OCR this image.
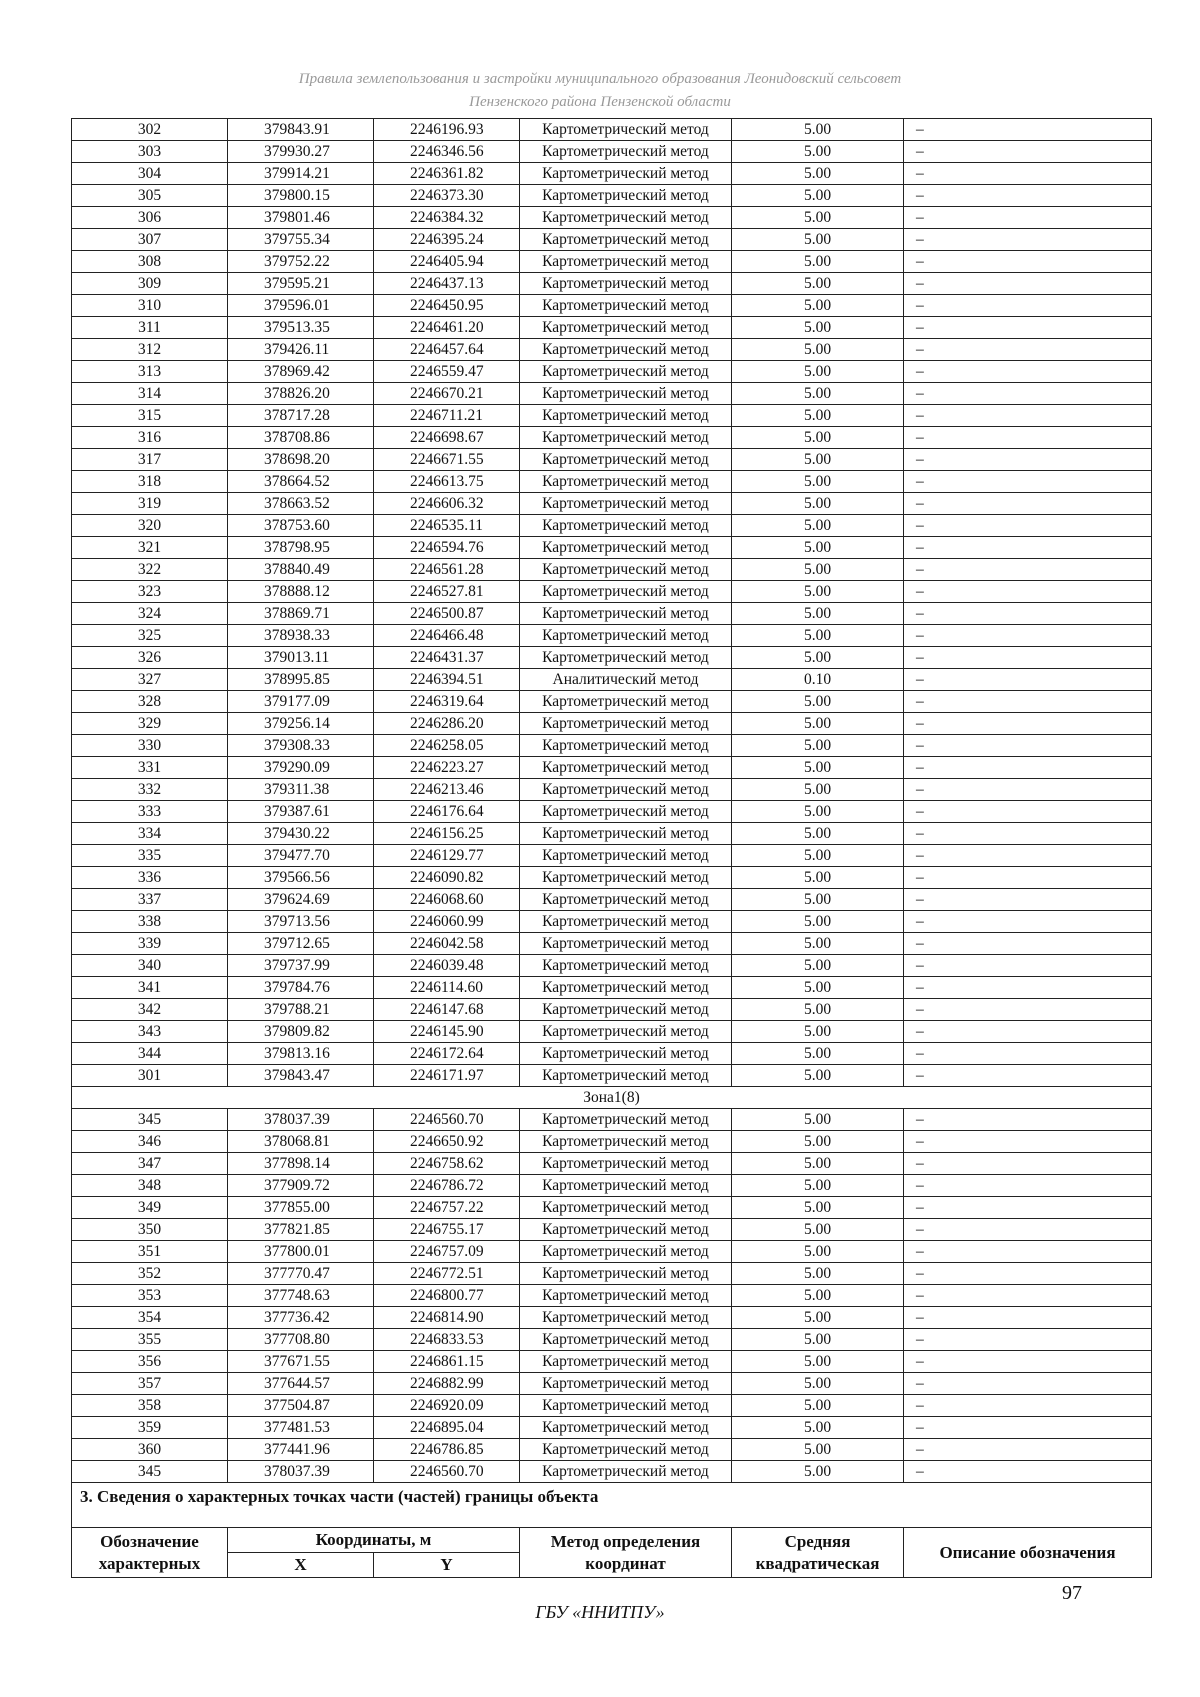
Правила землепользования и застройки муниципального образования Леонидовский сельсовет
Пензенского района Пензенской области
302	379843.91	2246196.93	Картометрический метод	5.00	–
303	379930.27	2246346.56	Картометрический метод	5.00	–
304	379914.21	2246361.82	Картометрический метод	5.00	–
305	379800.15	2246373.30	Картометрический метод	5.00	–
306	379801.46	2246384.32	Картометрический метод	5.00	–
307	379755.34	2246395.24	Картометрический метод	5.00	–
308	379752.22	2246405.94	Картометрический метод	5.00	–
309	379595.21	2246437.13	Картометрический метод	5.00	–
310	379596.01	2246450.95	Картометрический метод	5.00	–
311	379513.35	2246461.20	Картометрический метод	5.00	–
312	379426.11	2246457.64	Картометрический метод	5.00	–
313	378969.42	2246559.47	Картометрический метод	5.00	–
314	378826.20	2246670.21	Картометрический метод	5.00	–
315	378717.28	2246711.21	Картометрический метод	5.00	–
316	378708.86	2246698.67	Картометрический метод	5.00	–
317	378698.20	2246671.55	Картометрический метод	5.00	–
318	378664.52	2246613.75	Картометрический метод	5.00	–
319	378663.52	2246606.32	Картометрический метод	5.00	–
320	378753.60	2246535.11	Картометрический метод	5.00	–
321	378798.95	2246594.76	Картометрический метод	5.00	–
322	378840.49	2246561.28	Картометрический метод	5.00	–
323	378888.12	2246527.81	Картометрический метод	5.00	–
324	378869.71	2246500.87	Картометрический метод	5.00	–
325	378938.33	2246466.48	Картометрический метод	5.00	–
326	379013.11	2246431.37	Картометрический метод	5.00	–
327	378995.85	2246394.51	Аналитический метод	0.10	–
328	379177.09	2246319.64	Картометрический метод	5.00	–
329	379256.14	2246286.20	Картометрический метод	5.00	–
330	379308.33	2246258.05	Картометрический метод	5.00	–
331	379290.09	2246223.27	Картометрический метод	5.00	–
332	379311.38	2246213.46	Картометрический метод	5.00	–
333	379387.61	2246176.64	Картометрический метод	5.00	–
334	379430.22	2246156.25	Картометрический метод	5.00	–
335	379477.70	2246129.77	Картометрический метод	5.00	–
336	379566.56	2246090.82	Картометрический метод	5.00	–
337	379624.69	2246068.60	Картометрический метод	5.00	–
338	379713.56	2246060.99	Картометрический метод	5.00	–
339	379712.65	2246042.58	Картометрический метод	5.00	–
340	379737.99	2246039.48	Картометрический метод	5.00	–
341	379784.76	2246114.60	Картометрический метод	5.00	–
342	379788.21	2246147.68	Картометрический метод	5.00	–
343	379809.82	2246145.90	Картометрический метод	5.00	–
344	379813.16	2246172.64	Картометрический метод	5.00	–
301	379843.47	2246171.97	Картометрический метод	5.00	–
Зона1(8)					
345	378037.39	2246560.70	Картометрический метод	5.00	–
346	378068.81	2246650.92	Картометрический метод	5.00	–
347	377898.14	2246758.62	Картометрический метод	5.00	–
348	377909.72	2246786.72	Картометрический метод	5.00	–
349	377855.00	2246757.22	Картометрический метод	5.00	–
350	377821.85	2246755.17	Картометрический метод	5.00	–
351	377800.01	2246757.09	Картометрический метод	5.00	–
352	377770.47	2246772.51	Картометрический метод	5.00	–
353	377748.63	2246800.77	Картометрический метод	5.00	–
354	377736.42	2246814.90	Картометрический метод	5.00	–
355	377708.80	2246833.53	Картометрический метод	5.00	–
356	377671.55	2246861.15	Картометрический метод	5.00	–
357	377644.57	2246882.99	Картометрический метод	5.00	–
358	377504.87	2246920.09	Картометрический метод	5.00	–
359	377481.53	2246895.04	Картометрический метод	5.00	–
360	377441.96	2246786.85	Картометрический метод	5.00	–
345	378037.39	2246560.70	Картометрический метод	5.00	–
3. Сведения о характерных точках части (частей) границы объекта					
Обозначение характерных	Координаты, м		Метод определения координат	Средняя квадратическая	Описание обозначения
	X	Y			
97
ГБУ «ННИТПУ»
